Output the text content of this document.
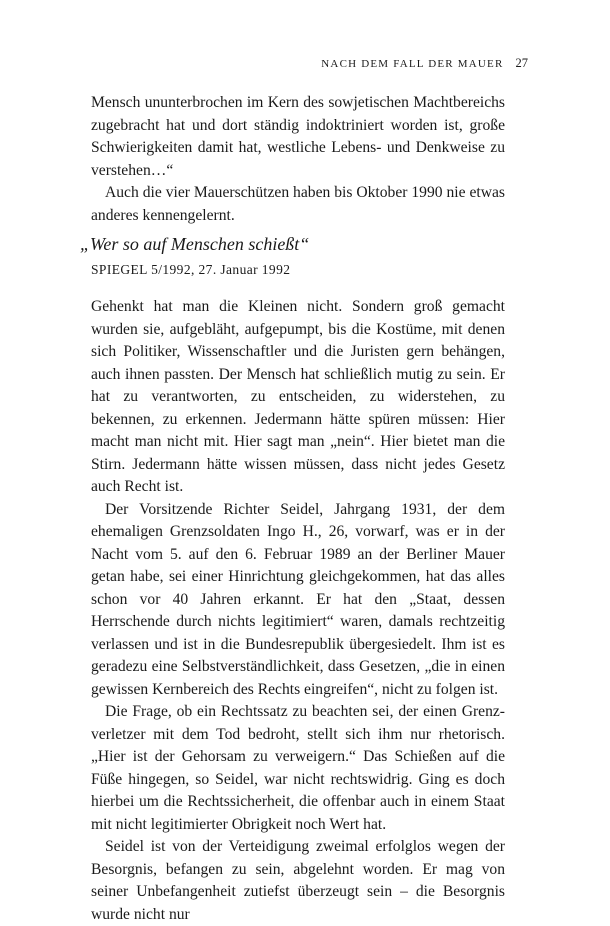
NACH DEM FALL DER MAUER 27

Mensch ununterbrochen im Kern des sowjetischen Machtbereichs zugebracht hat und dort ständig indoktriniert worden ist, große Schwierigkeiten damit hat, westliche Lebens- und Denkweise zu verstehen…“

Auch die vier Mauerschützen haben bis Oktober 1990 nie etwas anderes kennengelernt.

„Wer so auf Menschen schießt“
SPIEGEL 5/1992, 27. Januar 1992

Gehenkt hat man die Kleinen nicht. Sondern groß gemacht wurden sie, aufgebläht, aufgepumpt, bis die Kostüme, mit denen sich Politiker, Wissenschaftler und die Juristen gern behängen, auch ihnen passten. Der Mensch hat schließlich mutig zu sein. Er hat zu verantworten, zu entscheiden, zu widerstehen, zu bekennen, zu erkennen. Jedermann hätte spüren müssen: Hier macht man nicht mit. Hier sagt man „nein“. Hier bietet man die Stirn. Jedermann hätte wissen müssen, dass nicht jedes Gesetz auch Recht ist.

Der Vorsitzende Richter Seidel, Jahrgang 1931, der dem ehemaligen Grenzsoldaten Ingo H., 26, vorwarf, was er in der Nacht vom 5. auf den 6. Februar 1989 an der Berliner Mauer getan habe, sei einer Hinrichtung gleichgekommen, hat das alles schon vor 40 Jahren erkannt. Er hat den „Staat, dessen Herrschende durch nichts legitimiert“ waren, damals rechtzeitig verlassen und ist in die Bundesrepublik übergesiedelt. Ihm ist es geradezu eine Selbstverständlichkeit, dass Gesetzen, „die in einen gewissen Kernbereich des Rechts eingreifen“, nicht zu folgen ist.

Die Frage, ob ein Rechtssatz zu beachten sei, der einen Grenzverletzer mit dem Tod bedroht, stellt sich ihm nur rhetorisch. „Hier ist der Gehorsam zu verweigern.“ Das Schießen auf die Füße hingegen, so Seidel, war nicht rechtswidrig. Ging es doch hierbei um die Rechtssicherheit, die offenbar auch in einem Staat mit nicht legitimierter Obrigkeit noch Wert hat.

Seidel ist von der Verteidigung zweimal erfolglos wegen der Besorgnis, befangen zu sein, abgelehnt worden. Er mag von seiner Unbefangenheit zutiefst überzeugt sein – die Besorgnis wurde nicht nur
